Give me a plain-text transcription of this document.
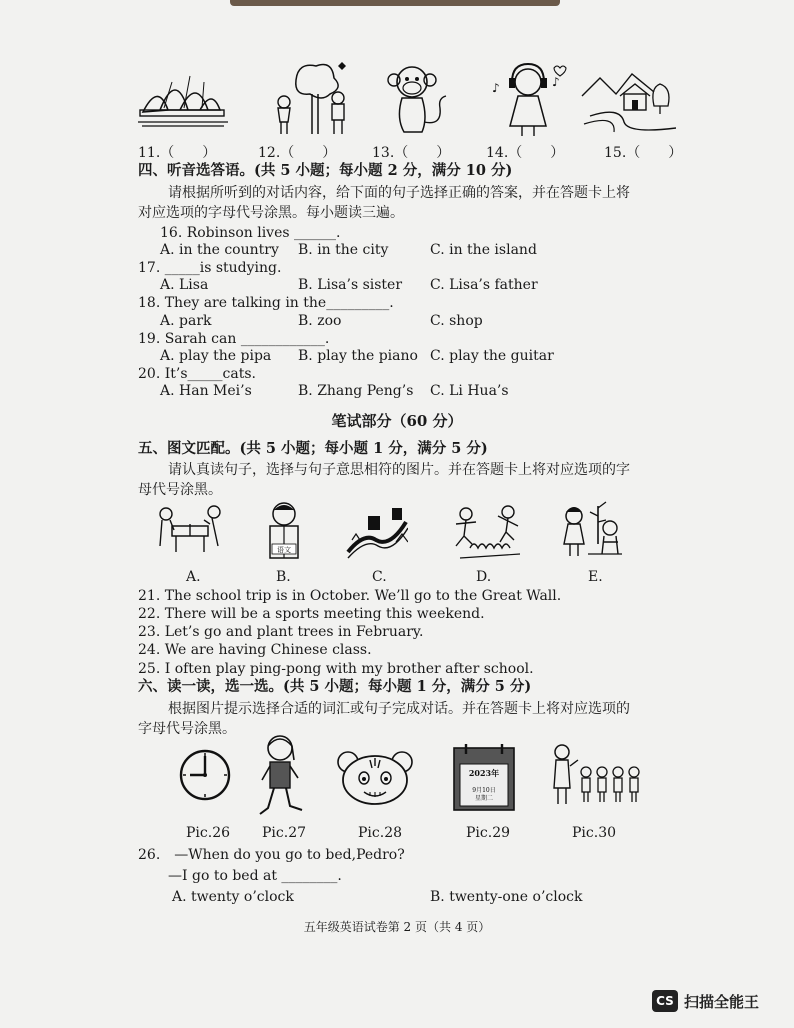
♪	♪
11.（　　）	12.（　　）	13.（　　）	14.（　　）	15.（　　）
四、听音选答语。(共 5 小题；每小题 2 分，满分 10 分)
请根据所听到的对话内容，给下面的句子选择正确的答案，并在答题卡上将
对应选项的字母代号涂黑。每小题读三遍。
16. Robinson lives ______.
A. in the country B. in the city	C. in the island
17. _____is studying.
A. Lisa	B. Lisa’s sister C. Lisa’s father
18. They are talking in the_________.
A. park	B. zoo	C. shop
19. Sarah can ____________.
A. play the pipa B. play the piano C. play the guitar
20. It’s_____cats.
A. Han Mei’s	B. Zhang Peng’s C. Li Hua’s
笔试部分（60 分）
五、图文匹配。(共 5 小题；每小题 1 分，满分 5 分)
请认真读句子，选择与句子意思相符的图片。并在答题卡上将对应选项的字
母代号涂黑。
语文
A.	B.	C.	D.	E.
21. The school trip is in October. We’ll go to the Great Wall.
22. There will be a sports meeting this weekend.
23. Let’s go and plant trees in February.
24. We are having Chinese class.
25. I often play ping-pong with my brother after school.
六、读一读，选一选。(共 5 小题；每小题 1 分，满分 5 分)
根据图片提示选择合适的词汇或句子完成对话。并在答题卡上将对应选项的
字母代号涂黑。
2023年
9月10日
星期二
Pic.26 Pic.27	Pic.28	Pic.29	Pic.30
26.　—When do you go to bed,Pedro?
—I go to bed at ________.
A. twenty o’clock	B. twenty-one o’clock
五年级英语试卷第 2 页（共 4 页）
CS 扫描全能王
